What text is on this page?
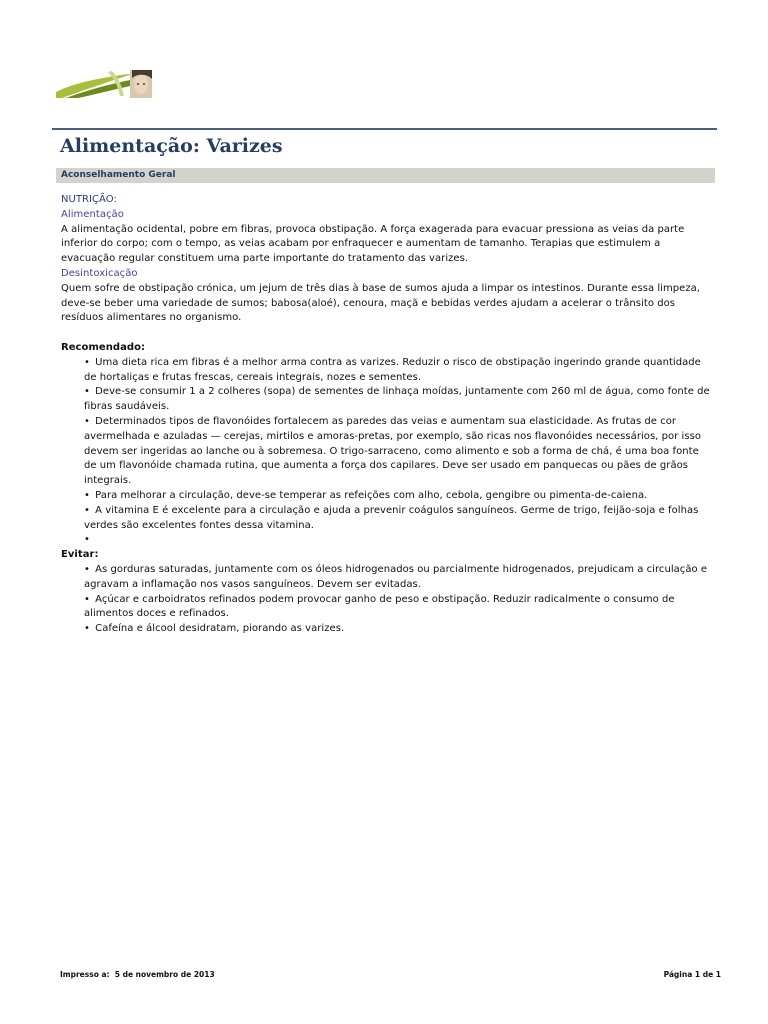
Alimentação: Varizes
Aconselhamento Geral

NUTRIÇÃO:

Alimentação

A alimentação ocidental, pobre em fibras, provoca obstipação. A força exagerada para evacuar pressiona as veias da parte inferior do corpo; com o tempo, as veias acabam por enfraquecer e aumentam de tamanho. Terapias que estimulem a evacuação regular constituem uma parte importante do tratamento das varizes.

Desintoxicação

Quem sofre de obstipação crónica, um jejum de três dias à base de sumos ajuda a limpar os intestinos. Durante essa limpeza, deve-se beber uma variedade de sumos; babosa(aloé), cenoura, maçã e bebidas verdes ajudam a acelerar o trânsito dos resíduos alimentares no organismo.

Recomendado:

• Uma dieta rica em fibras é a melhor arma contra as varizes. Reduzir o risco de obstipação ingerindo grande quantidade de hortaliças e frutas frescas, cereais integrais, nozes e sementes.
• Deve-se consumir 1 a 2 colheres (sopa) de sementes de linhaça moídas, juntamente com 260 ml de água, como fonte de fibras saudáveis.
• Determinados tipos de flavonóides fortalecem as paredes das veias e aumentam sua elasticidade. As frutas de cor avermelhada e azuladas — cerejas, mirtilos e amoras-pretas, por exemplo, são ricas nos flavonóides necessários, por isso devem ser ingeridas ao lanche ou à sobremesa. O trigo-sarraceno, como alimento e sob a forma de chá, é uma boa fonte de um flavonóide chamada rutina, que aumenta a força dos capilares. Deve ser usado em panquecas ou pães de grãos integrais.
• Para melhorar a circulação, deve-se temperar as refeições com alho, cebola, gengibre ou pimenta-de-caiena.
• A vitamina E é excelente para a circulação e ajuda a prevenir coágulos sanguíneos. Germe de trigo, feijão-soja e folhas verdes são excelentes fontes dessa vitamina.
•

Evitar:

• As gorduras saturadas, juntamente com os óleos hidrogenados ou parcialmente hidrogenados, prejudicam a circulação e agravam a inflamação nos vasos sanguíneos. Devem ser evitadas.
• Açúcar e carboidratos refinados podem provocar ganho de peso e obstipação. Reduzir radicalmente o consumo de alimentos doces e refinados.
• Cafeína e álcool desidratam, piorando as varizes.
Impresso a: 5 de novembro de 2013	Página 1 de 1
